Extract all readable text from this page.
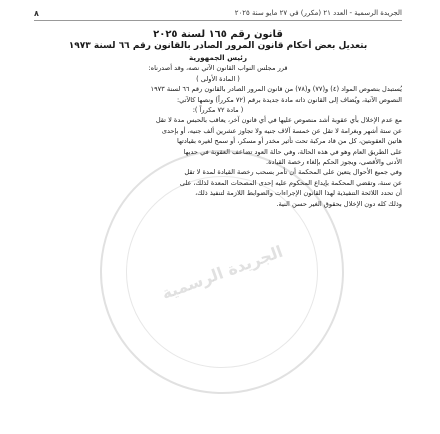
الجريدة الرسمية - العدد ٢١ (مكرر) في ٢٧ مايو سنة ٢٠٢٥
٨
قانون رقم ١٦٥ لسنة ٢٠٢٥
بتعديل بعض أحكام قانون المرور الصادر بالقانون رقم ٦٦ لسنة ١٩٧٣
رئيس الجمهورية
قرر مجلس النواب القانون الآتي نصه، وقد أصدرناه:
( المادة الأولى )
يُستبدل بنصوص المواد (٤) و(٧٧) و(٧٨) من قانون المرور الصادر بالقانون رقم ٦٦ لسنة ١٩٧٣
النصوص الآتية، ويُضاف إلى القانون ذاته مادة جديدة برقم (٧٢ مكرراً) ونصها كالآتي:
( مادة ٧٢ مكرراً ):
مع عدم الإخلال بأي عقوبة أشد منصوص عليها في أي قانون آخر، يعاقب بالحبس مدة لا تقل
عن ستة أشهر وبغرامة لا تقل عن خمسة آلاف جنيه ولا تجاوز عشرين ألف جنيه، أو بإحدى
هاتين العقوبتين، كل من قاد مركبة تحت تأثير مخدر أو مسكر، أو سمح لغيره بقيادتها
على الطريق العام وهو في هذه الحالة، وفي حالة العود تضاعف العقوبة في حديها
الأدنى والأقصى، ويجوز الحكم بإلغاء رخصة القيادة.
وفي جميع الأحوال يتعين على المحكمة أن تأمر بسحب رخصة القيادة لمدة لا تقل
عن سنة، وتقضي المحكمة بإيداع المحكوم عليه إحدى المصحات المعدة لذلك، على
أن تحدد اللائحة التنفيذية لهذا القانون الإجراءات والضوابط اللازمة لتنفيذ ذلك،
وذلك كله دون الإخلال بحقوق الغير حسن النية.
الجريدة الرسمية
